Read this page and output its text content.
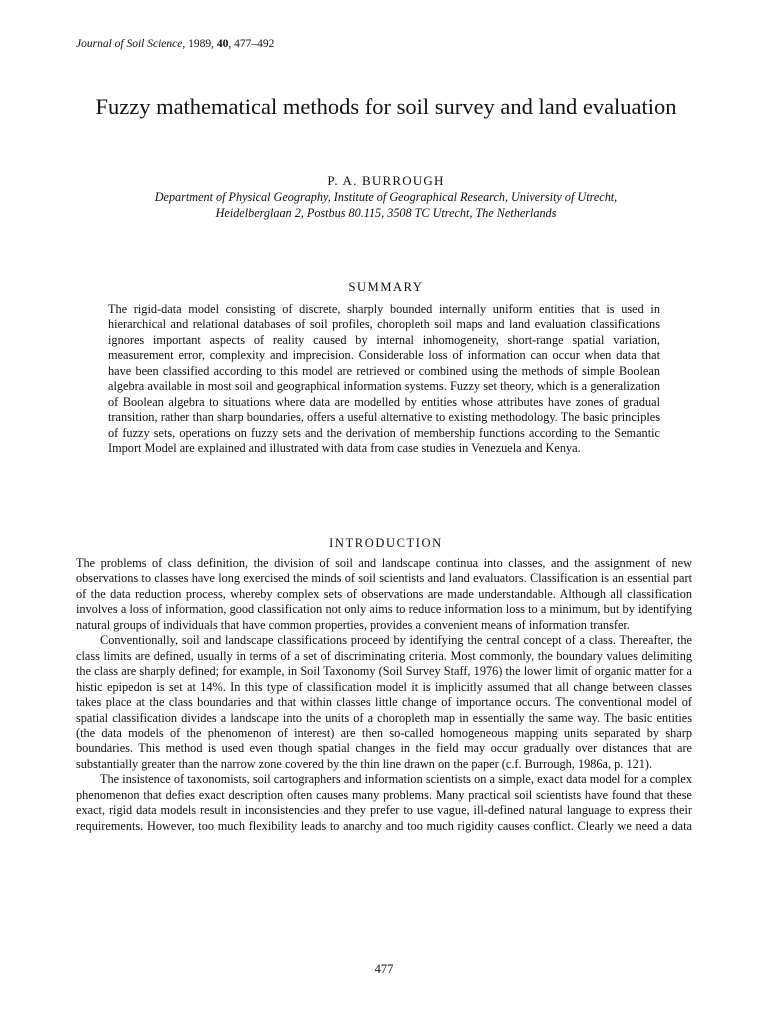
Journal of Soil Science, 1989, 40, 477–492
Fuzzy mathematical methods for soil survey and land evaluation
P. A. BURROUGH
Department of Physical Geography, Institute of Geographical Research, University of Utrecht,
Heidelberglaan 2, Postbus 80.115, 3508 TC Utrecht, The Netherlands
SUMMARY
The rigid-data model consisting of discrete, sharply bounded internally uniform entities that is used in hierarchical and relational databases of soil profiles, choropleth soil maps and land evaluation classifications ignores important aspects of reality caused by internal inhomogeneity, short-range spatial variation, measurement error, complexity and imprecision. Considerable loss of information can occur when data that have been classified according to this model are retrieved or combined using the methods of simple Boolean algebra available in most soil and geographical information systems. Fuzzy set theory, which is a generalization of Boolean algebra to situations where data are modelled by entities whose attributes have zones of gradual transition, rather than sharp boundaries, offers a useful alternative to existing methodology. The basic principles of fuzzy sets, operations on fuzzy sets and the derivation of membership functions according to the Semantic Import Model are explained and illustrated with data from case studies in Venezuela and Kenya.
INTRODUCTION

The problems of class definition, the division of soil and landscape continua into classes, and the assignment of new observations to classes have long exercised the minds of soil scientists and land evaluators. Classification is an essential part of the data reduction process, whereby complex sets of observations are made understandable. Although all classification involves a loss of information, good classification not only aims to reduce information loss to a minimum, but by identifying natural groups of individuals that have common properties, provides a convenient means of information transfer.

Conventionally, soil and landscape classifications proceed by identifying the central concept of a class. Thereafter, the class limits are defined, usually in terms of a set of discriminating criteria. Most commonly, the boundary values delimiting the class are sharply defined; for example, in Soil Taxonomy (Soil Survey Staff, 1976) the lower limit of organic matter for a histic epipedon is set at 14%. In this type of classification model it is implicitly assumed that all change between classes takes place at the class boundaries and that within classes little change of importance occurs. The conventional model of spatial classification divides a landscape into the units of a choropleth map in essentially the same way. The basic entities (the data models of the phenomenon of interest) are then so-called homogeneous mapping units separated by sharp boundaries. This method is used even though spatial changes in the field may occur gradually over distances that are substantially greater than the narrow zone covered by the thin line drawn on the paper (c.f. Burrough, 1986a, p. 121).

The insistence of taxonomists, soil cartographers and information scientists on a simple, exact data model for a complex phenomenon that defies exact description often causes many problems. Many practical soil scientists have found that these exact, rigid data models result in inconsistencies and they prefer to use vague, ill-defined natural language to express their requirements. However, too much flexibility leads to anarchy and too much rigidity causes conflict. Clearly we need a data

477
